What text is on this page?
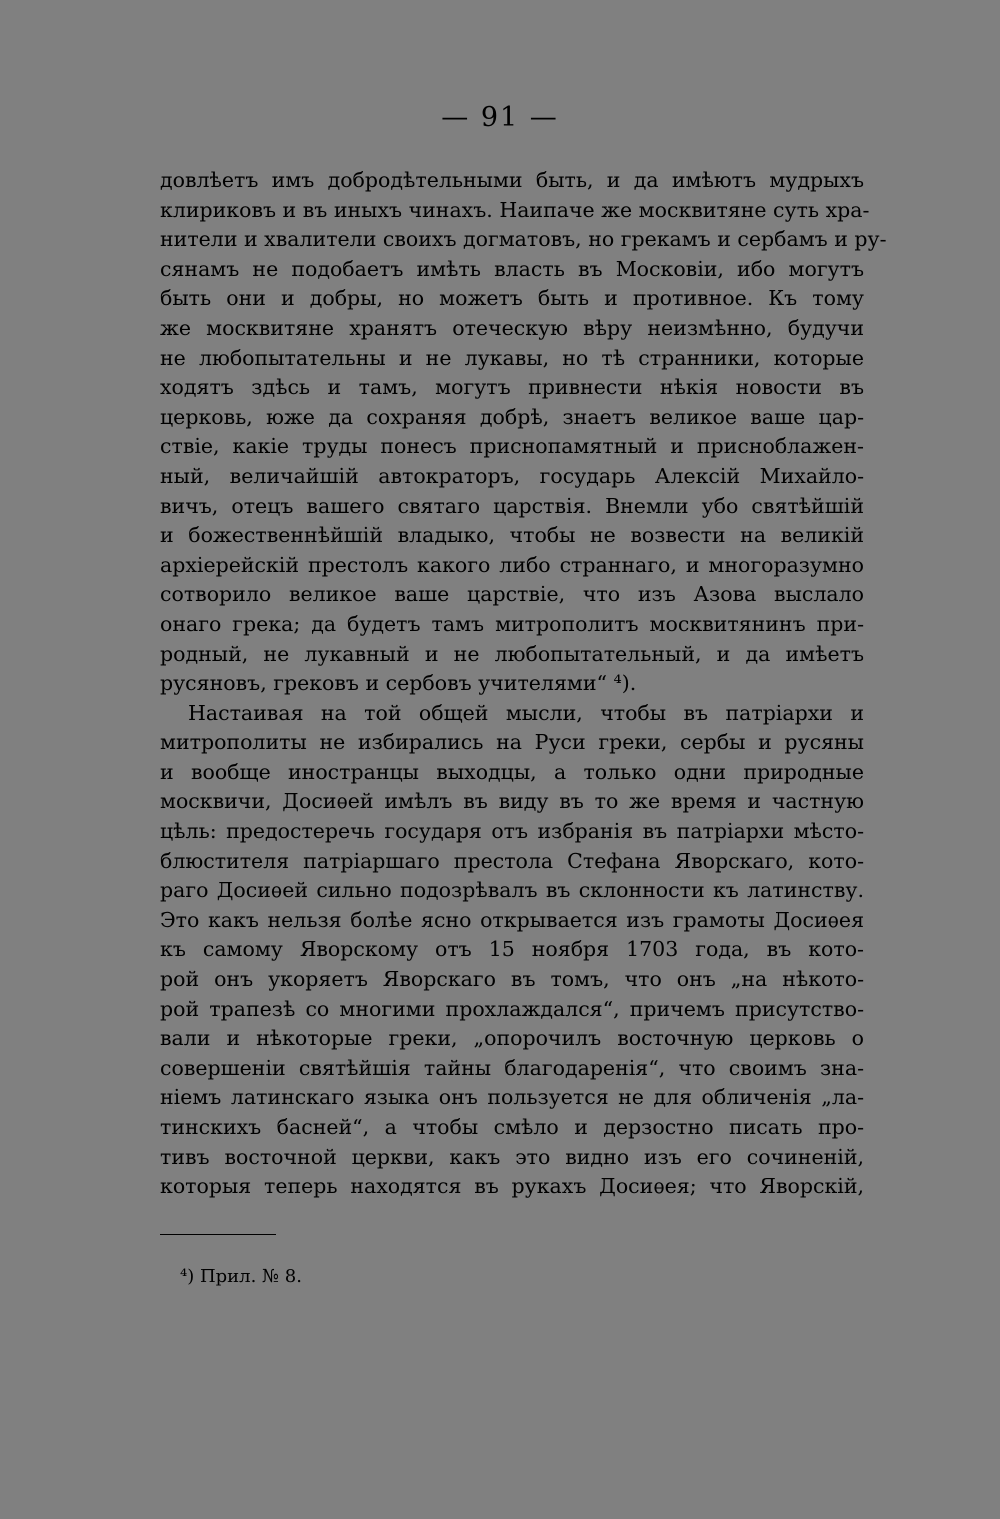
— 91 —
довлѣетъ имъ добродѣтельными быть, и да имѣютъ мудрыхъ
клириковъ и въ иныхъ чинахъ. Наипаче же москвитяне суть хра-
нители и хвалители своихъ догматовъ, но грекамъ и сербамъ и ру-
сянамъ не подобаетъ имѣть власть въ Московіи, ибо могутъ
быть они и добры, но можетъ быть и противное. Къ тому
же москвитяне хранятъ отеческую вѣру неизмѣнно, будучи
не любопытательны и не лукавы, но тѣ странники, которые
ходятъ здѣсь и тамъ, могутъ привнести нѣкія новости въ
церковь, юже да сохраняя добрѣ, знаетъ великое ваше цар-
ствіе, какіе труды понесъ приснопамятный и приснoблажен-
ный, величайшій автократоръ, государь Алексій Михайло-
вичъ, отецъ вашего святаго царствія. Внемли убо святѣйшій
и божественнѣйшій владыко, чтобы не возвести на великій
архіерейскій престолъ какого либо страннаго, и многоразумно
сотворило великое ваше царствіе, что изъ Азова выслало
онаго грека; да будетъ тамъ митрополитъ москвитянинъ при-
родный, не лукавный и не любопытательный, и да имѣетъ
русяновъ, грековъ и сербовъ учителями“ ⁴).
Настаивая на той общей мысли, чтобы въ патріархи и
митрополиты не избирались на Руси греки, сербы и русяны
и вообще иностранцы выходцы, а только одни природные
москвичи, Досиѳей имѣлъ въ виду въ то же время и частную
цѣль: предостеречь государя отъ избранія въ патріархи мѣсто-
блюстителя патріаршаго престола Стефана Яворскаго, кото-
раго Досиѳей сильно подозрѣвалъ въ склонности къ латинству.
Это какъ нельзя болѣе ясно открывается изъ грамоты Досиѳея
къ самому Яворскому отъ 15 ноября 1703 года, въ кото-
рой онъ укоряетъ Яворскаго въ томъ, что онъ „на нѣкото-
рой трапезѣ со многими прохлаждался“, причемъ присутство-
вали и нѣкоторые греки, „опорочилъ восточную церковь о
совершеніи святѣйшія тайны благодаренія“, что своимъ зна-
ніемъ латинскаго языка онъ пользуется не для обличенія „ла-
тинскихъ басней“, а чтобы смѣло и дерзостно писать про-
тивъ восточной церкви, какъ это видно изъ его сочиненій,
которыя теперь находятся въ рукахъ Досиѳея; что Яворскій,
⁴) Прил. № 8.
